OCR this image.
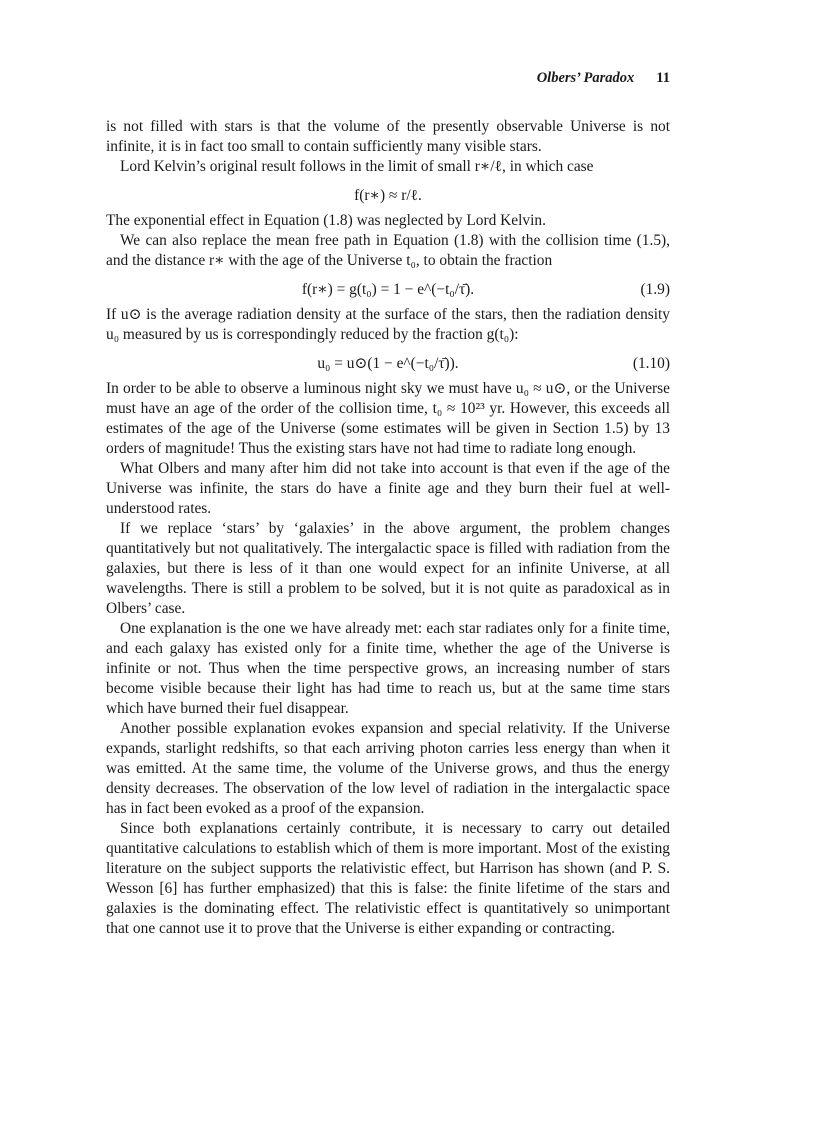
Olbers’ Paradox 11

is not filled with stars is that the volume of the presently observable Universe is not infinite, it is in fact too small to contain sufficiently many visible stars.

Lord Kelvin’s original result follows in the limit of small r∗/ℓ, in which case

f(r∗) ≈ r/ℓ.

The exponential effect in Equation (1.8) was neglected by Lord Kelvin.

We can also replace the mean free path in Equation (1.8) with the collision time (1.5), and the distance r∗ with the age of the Universe t₀, to obtain the fraction

f(r∗) = g(t₀) = 1 − e^(−t₀/τ̄).	(1.9)

If u⊙ is the average radiation density at the surface of the stars, then the radiation density u₀ measured by us is correspondingly reduced by the fraction g(t₀):

u₀ = u⊙(1 − e^(−t₀/τ̄)).	(1.10)

In order to be able to observe a luminous night sky we must have u₀ ≈ u⊙, or the Universe must have an age of the order of the collision time, t₀ ≈ 10²³ yr. However, this exceeds all estimates of the age of the Universe (some estimates will be given in Section 1.5) by 13 orders of magnitude! Thus the existing stars have not had time to radiate long enough.

What Olbers and many after him did not take into account is that even if the age of the Universe was infinite, the stars do have a finite age and they burn their fuel at well-understood rates.

If we replace ‘stars’ by ‘galaxies’ in the above argument, the problem changes quantitatively but not qualitatively. The intergalactic space is filled with radiation from the galaxies, but there is less of it than one would expect for an infinite Universe, at all wavelengths. There is still a problem to be solved, but it is not quite as paradoxical as in Olbers’ case.

One explanation is the one we have already met: each star radiates only for a finite time, and each galaxy has existed only for a finite time, whether the age of the Universe is infinite or not. Thus when the time perspective grows, an increasing number of stars become visible because their light has had time to reach us, but at the same time stars which have burned their fuel disappear.

Another possible explanation evokes expansion and special relativity. If the Universe expands, starlight redshifts, so that each arriving photon carries less energy than when it was emitted. At the same time, the volume of the Universe grows, and thus the energy density decreases. The observation of the low level of radiation in the intergalactic space has in fact been evoked as a proof of the expansion.

Since both explanations certainly contribute, it is necessary to carry out detailed quantitative calculations to establish which of them is more important. Most of the existing literature on the subject supports the relativistic effect, but Harrison has shown (and P. S. Wesson [6] has further emphasized) that this is false: the finite lifetime of the stars and galaxies is the dominating effect. The relativistic effect is quantitatively so unimportant that one cannot use it to prove that the Universe is either expanding or contracting.
